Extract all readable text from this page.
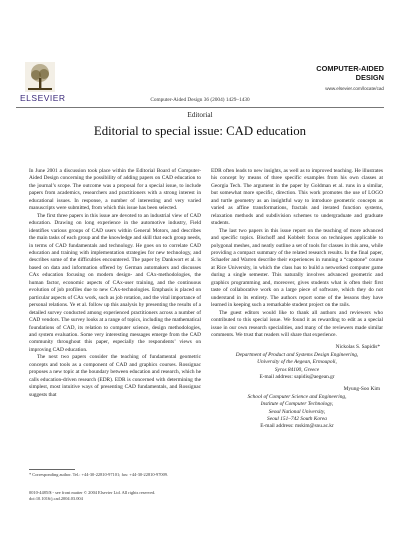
ELSEVIER	Computer-Aided Design 36 (2004) 1429–1430
COMPUTER-AIDED
DESIGN
www.elsevier.com/locate/cad
Editorial
Editorial to special issue: CAD education

In June 2001 a discussion took place within the Editorial Board of Computer-Aided Design concerning the possibility of adding papers on CAD education to the journal’s scope. The outcome was a proposal for a special issue, to include papers from academics, researchers and practitioners with a strong interest in educational issues. In response, a number of interesting and very varied manuscripts were submitted, from which this issue has been selected.

The first three papers in this issue are devoted to an industrial view of CAD education. Drawing on long experience in the automotive industry, Field identifies various groups of CAD users within General Motors, and describes the main tasks of each group and the knowledge and skill that each group needs, in terms of CAD fundamentals and technology. He goes on to correlate CAD education and training with implementation strategies for new technology, and describes some of the difficulties encountered. The paper by Dankwort et al. is based on data and information offered by German automakers and discusses CAx education focusing on modern design- and CAx-methodologies, the human factor, economic aspects of CAx-user training, and the continuous evolution of job profiles due to new CAx-technologies. Emphasis is placed on particular aspects of CAx work, such as job rotation, and the vital importance of personal relations. Ye et al. follow up this analysis by presenting the results of a detailed survey conducted among experienced practitioners across a number of CAD vendors. The survey looks at a range of topics, including the mathematical foundations of CAD, its relation to computer science, design methodologies, and system evaluation. Some very interesting messages emerge from the CAD community throughout this paper, especially the respondents’ views on improving CAD education.

The next two papers consider the teaching of fundamental geometric concepts and tools as a component of CAD and graphics courses. Rossignac proposes a new topic at the boundary between education and research, which he calls education-driven research (EDR). EDR is concerned with determining the simplest, most intuitive ways of presenting CAD fundamentals, and Rossignac suggests that

EDR often leads to new insights, as well as to improved teaching. He illustrates his concept by means of three specific examples from his own classes at Georgia Tech. The argument in the paper by Goldman et al. runs in a similar, but somewhat more specific, direction. This work promotes the use of LOGO and turtle geometry as an insightful way to introduce geometric concepts as varied as affine transformations, fractals and iterated function systems, relaxation methods and subdivision schemes to undergraduate and graduate students.

The last two papers in this issue report on the teaching of more advanced and specific topics. Bischoff and Kobbelt focus on techniques applicable to polygonal meshes, and neatly outline a set of tools for classes in this area, while providing a compact summary of the related research results. In the final paper, Schaefer and Warren describe their experiences in running a “capstone” course at Rice University, in which the class has to build a networked computer game during a single semester. This naturally involves advanced geometric and graphics programming and, moreover, gives students what is often their first taste of collaborative work on a large piece of software, which they do not understand in its entirety. The authors report some of the lessons they have learned in keeping such a remarkable student project on the rails.

The guest editors would like to thank all authors and reviewers who contributed to this special issue. We found it as rewarding to edit as a special issue in our own research specialities, and many of the reviewers made similar comments. We trust that readers will share that experience.

Nickolas S. Sapidis*
Department of Product and Systems Design Engineering,
University of the Aegean, Ermoupoli,
Syros 84100, Greece
E-mail address: sapidis@aegean.gr
Myung-Soo Kim
School of Computer Science and Engineering,
Institute of Computer Technology,
Seoul National University,
Seoul 151–742 South Korea
E-mail address: mskim@snu.ac.kr
* Corresponding author. Tel.: +44-30-22810-97101; fax: +44-30-22810-97009.
0010-4485/$ - see front matter © 2004 Elsevier Ltd. All rights reserved.
doi:10.1016/j.cad.2004.03.004
